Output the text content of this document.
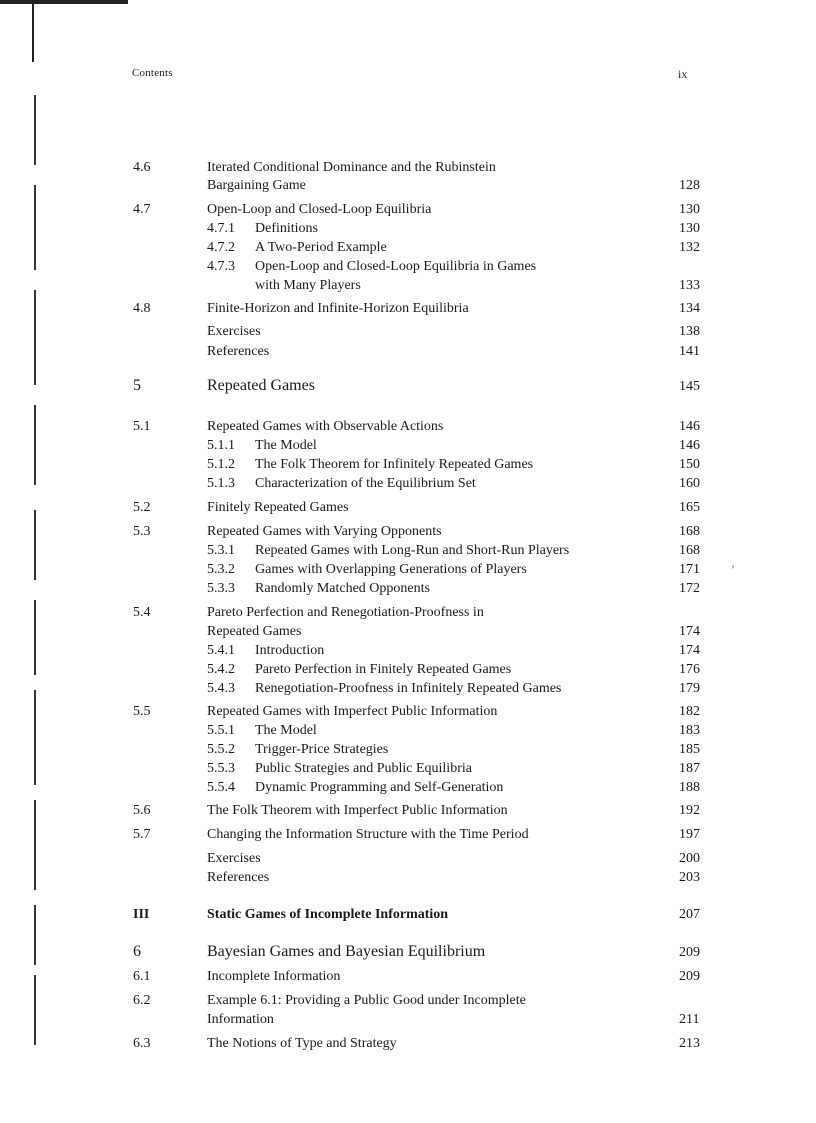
Contents	ix
4.6	Iterated Conditional Dominance and the Rubinstein
Bargaining Game	128
4.7	Open-Loop and Closed-Loop Equilibria	130
4.7.1 Definitions	130
4.7.2 A Two-Period Example	132
4.7.3 Open-Loop and Closed-Loop Equilibria in Games
with Many Players	133
4.8	Finite-Horizon and Infinite-Horizon Equilibria	134
Exercises	138
References	141
5	Repeated Games	145
5.1	Repeated Games with Observable Actions	146
5.1.1 The Model	146
5.1.2 The Folk Theorem for Infinitely Repeated Games	150
5.1.3 Characterization of the Equilibrium Set	160
5.2	Finitely Repeated Games	165
5.3	Repeated Games with Varying Opponents	168
5.3.1 Repeated Games with Long-Run and Short-Run Players	168
5.3.2 Games with Overlapping Generations of Players	171
5.3.3 Randomly Matched Opponents	172
5.4	Pareto Perfection and Renegotiation-Proofness in
Repeated Games	174
5.4.1 Introduction	174
5.4.2 Pareto Perfection in Finitely Repeated Games	176
5.4.3 Renegotiation-Proofness in Infinitely Repeated Games	179
5.5	Repeated Games with Imperfect Public Information	182
5.5.1 The Model	183
5.5.2 Trigger-Price Strategies	185
5.5.3 Public Strategies and Public Equilibria	187
5.5.4 Dynamic Programming and Self-Generation	188
5.6	The Folk Theorem with Imperfect Public Information	192
5.7	Changing the Information Structure with the Time Period	197
Exercises	200
References	203
III	Static Games of Incomplete Information	207
6	Bayesian Games and Bayesian Equilibrium	209
6.1	Incomplete Information	209
6.2	Example 6.1: Providing a Public Good under Incomplete
Information	211
6.3	The Notions of Type and Strategy	213
’
